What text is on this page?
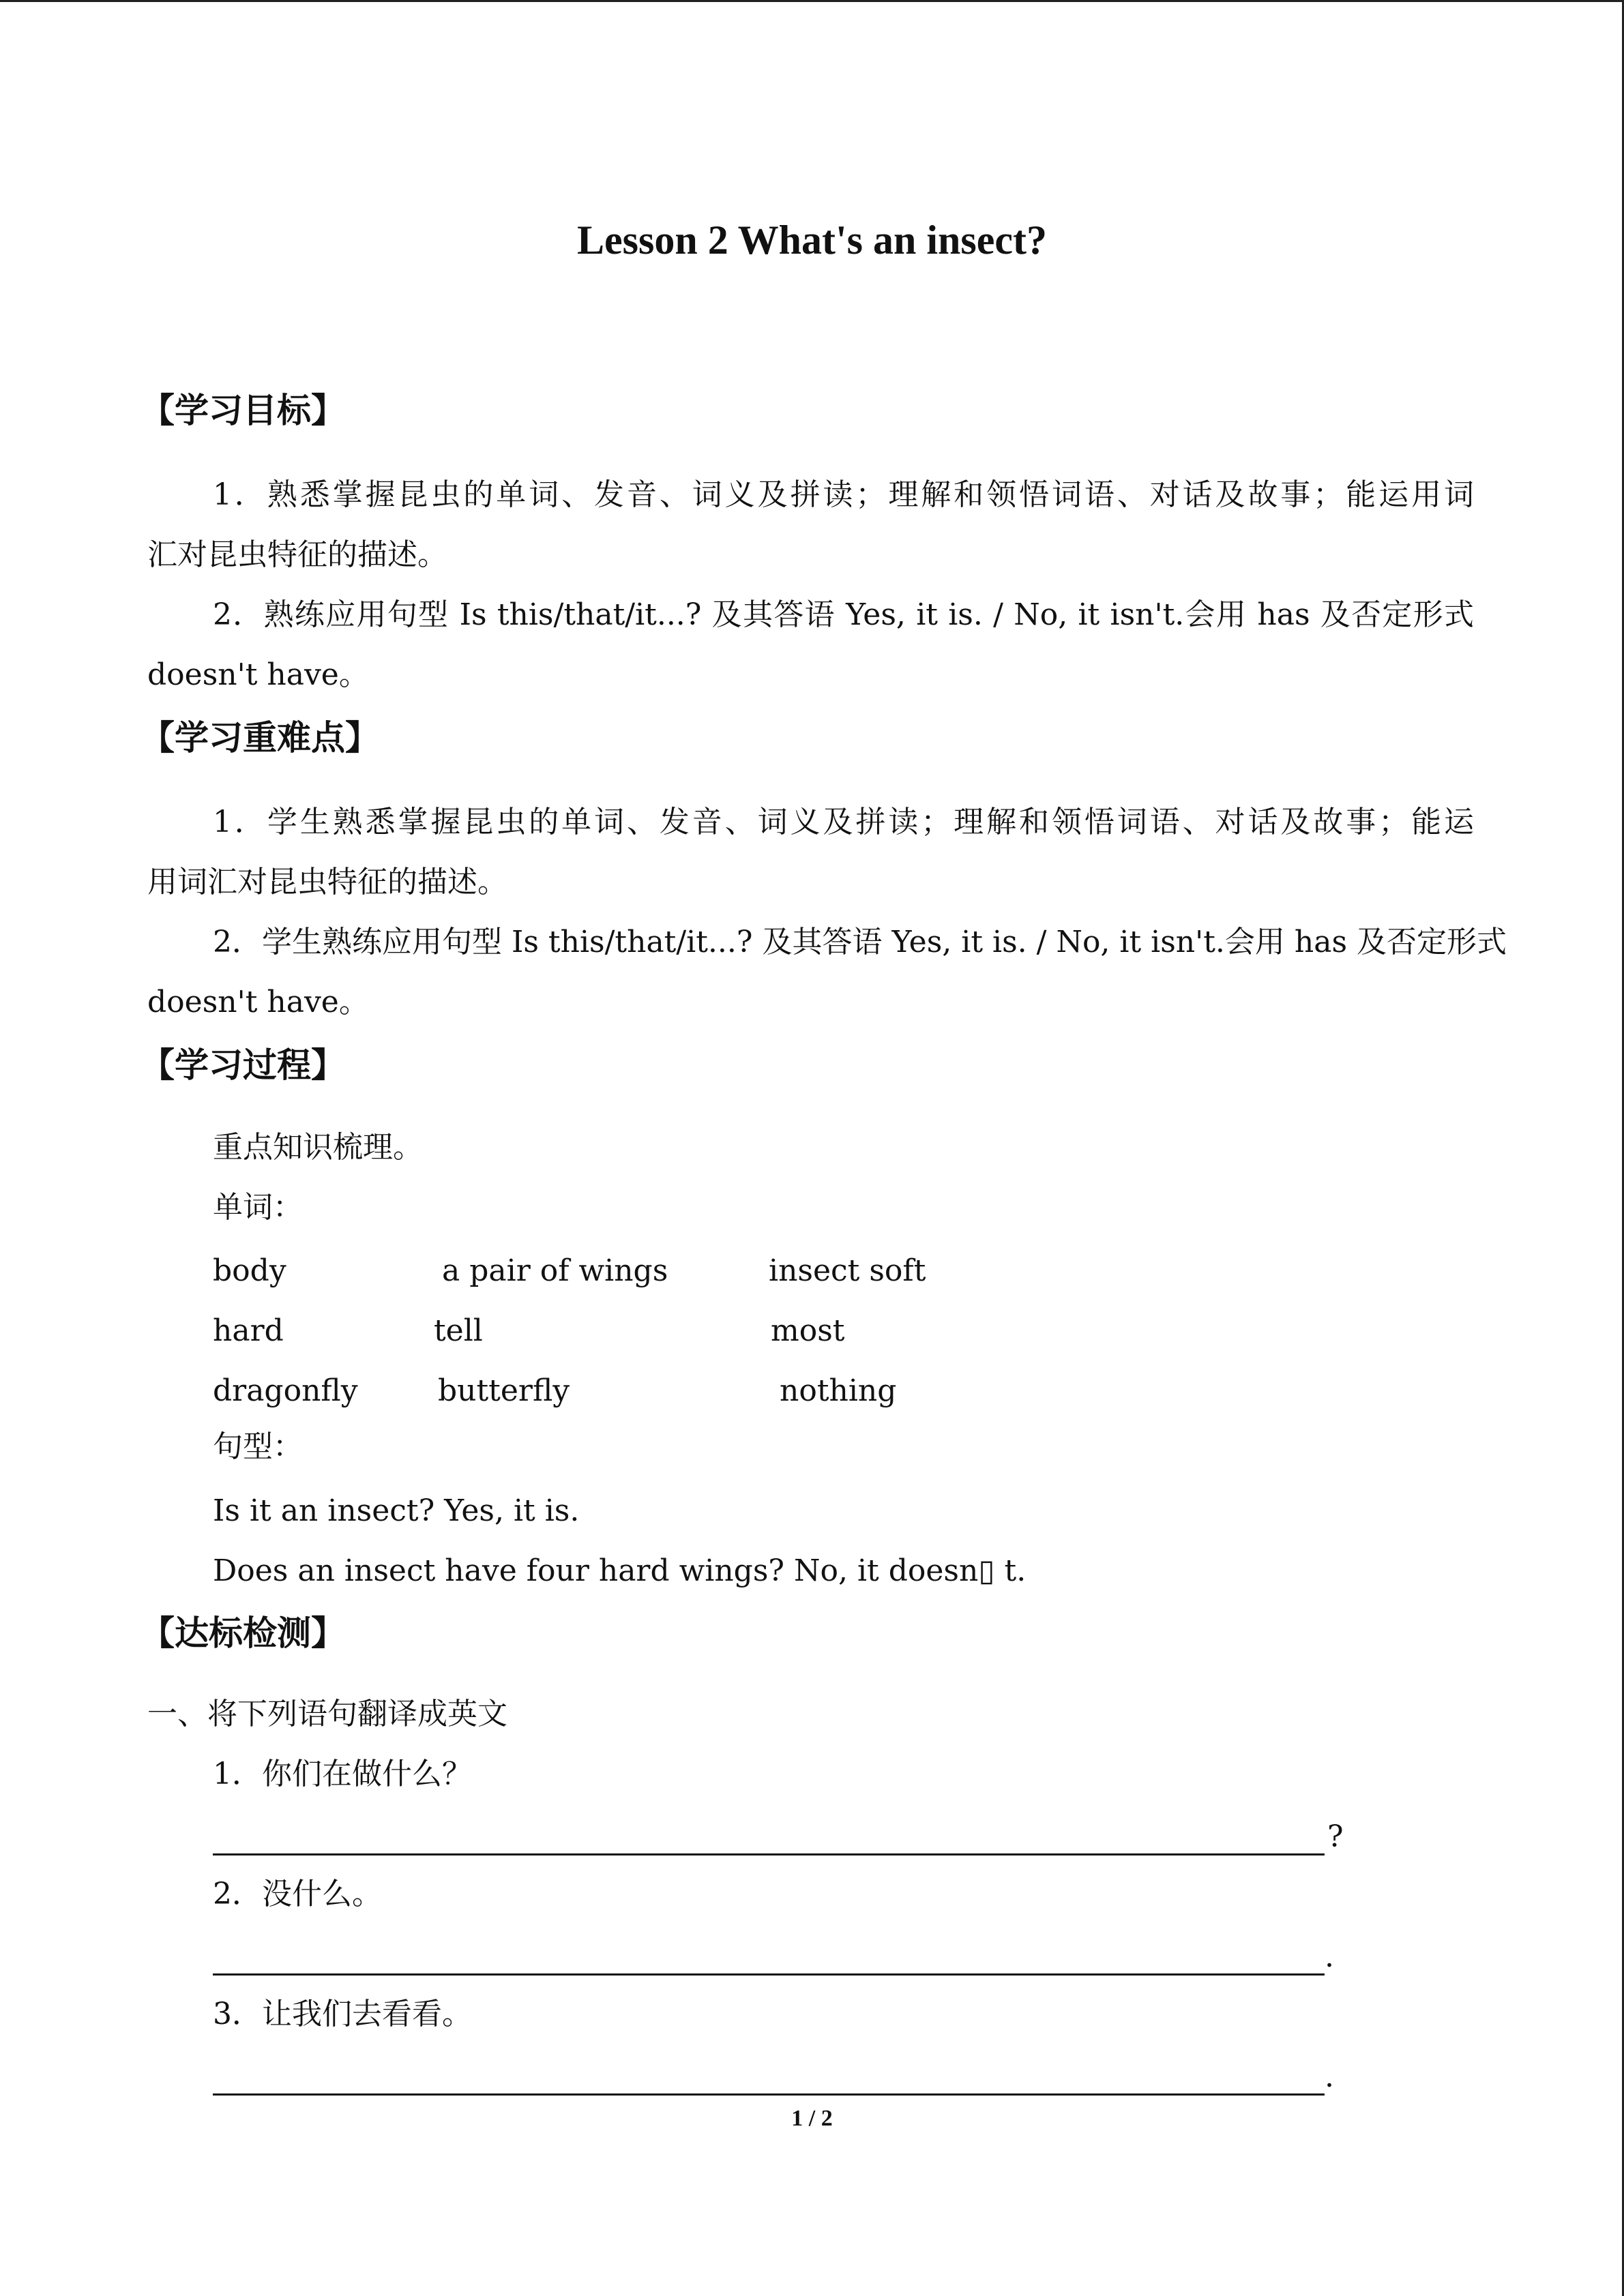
Lesson 2 What's an insect?
【学习目标】
1．熟悉掌握昆虫的单词、发音、词义及拼读；理解和领悟词语、对话及故事；能运用词
汇对昆虫特征的描述。
2．熟练应用句型 Is this/that/it...? 及其答语 Yes, it is. / No, it isn't.会用 has 及否定形式
doesn't have。
【学习重难点】
1．学生熟悉掌握昆虫的单词、发音、词义及拼读；理解和领悟词语、对话及故事；能运
用词汇对昆虫特征的描述。
2．学生熟练应用句型 Is this/that/it...? 及其答语 Yes, it is. / No, it isn't.会用 has 及否定形式
doesn't have。
【学习过程】
重点知识梳理。
单词：
body	a pair of wings	insect soft
hard	tell	most
dragonfly	butterfly	nothing
句型：
Is it an insect? Yes, it is.
Does an insect have four hard wings? No, it doesn▯ t.
【达标检测】
一、将下列语句翻译成英文
1．你们在做什么？
?
2．没什么。
.
3．让我们去看看。
.
1 / 2
